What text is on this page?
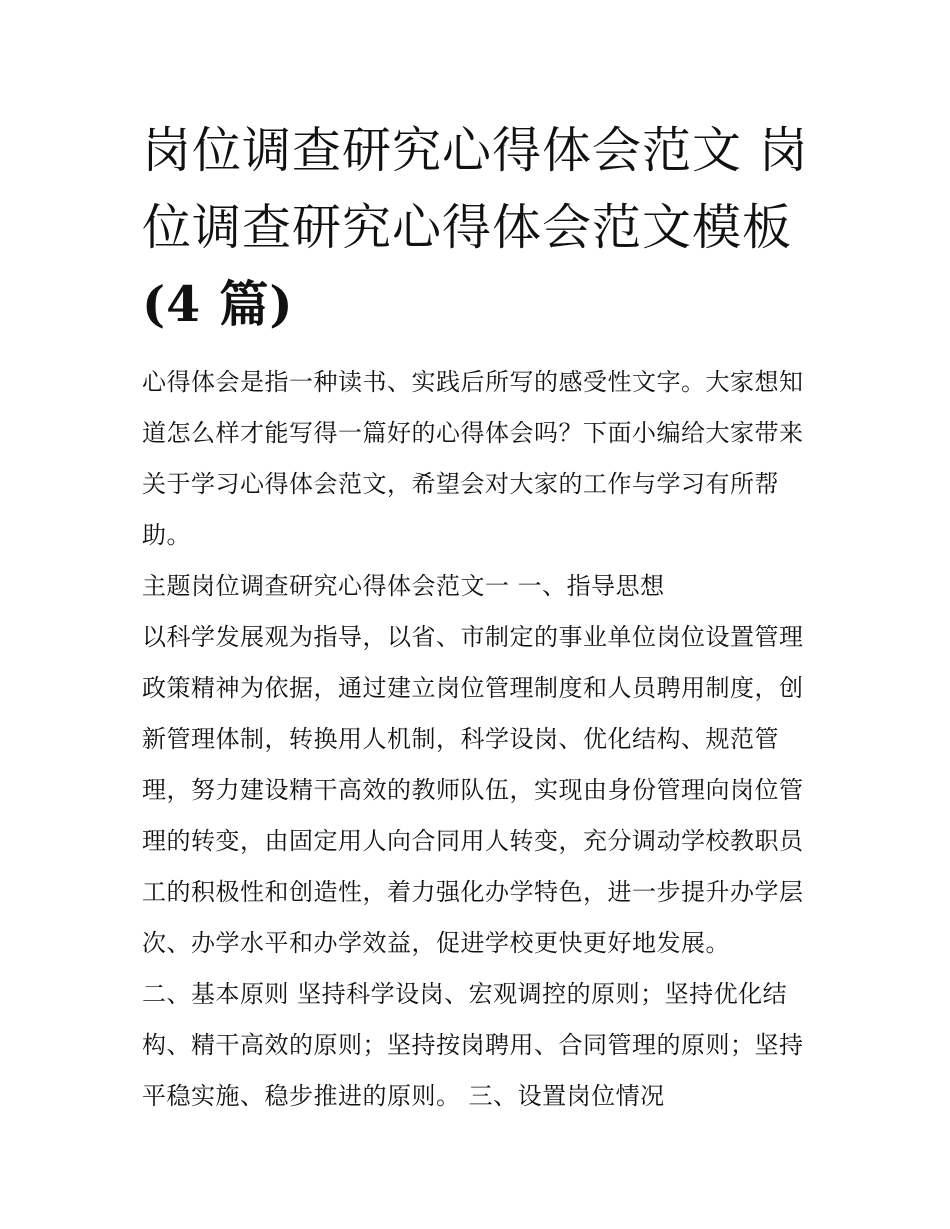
岗位调查研究心得体会范文 岗
位调查研究心得体会范文模板
(4 篇)

心得体会是指一种读书、实践后所写的感受性文字。大家想知道怎么样才能写得一篇好的心得体会吗？下面小编给大家带来关于学习心得体会范文，希望会对大家的工作与学习有所帮助。

主题岗位调查研究心得体会范文一 一、指导思想

以科学发展观为指导，以省、市制定的事业单位岗位设置管理政策精神为依据，通过建立岗位管理制度和人员聘用制度，创新管理体制，转换用人机制，科学设岗、优化结构、规范管理，努力建设精干高效的教师队伍，实现由身份管理向岗位管理的转变，由固定用人向合同用人转变，充分调动学校教职员工的积极性和创造性，着力强化办学特色，进一步提升办学层次、办学水平和办学效益，促进学校更快更好地发展。

二、基本原则 坚持科学设岗、宏观调控的原则；坚持优化结构、精干高效的原则；坚持按岗聘用、合同管理的原则；坚持平稳实施、稳步推进的原则。 三、设置岗位情况
